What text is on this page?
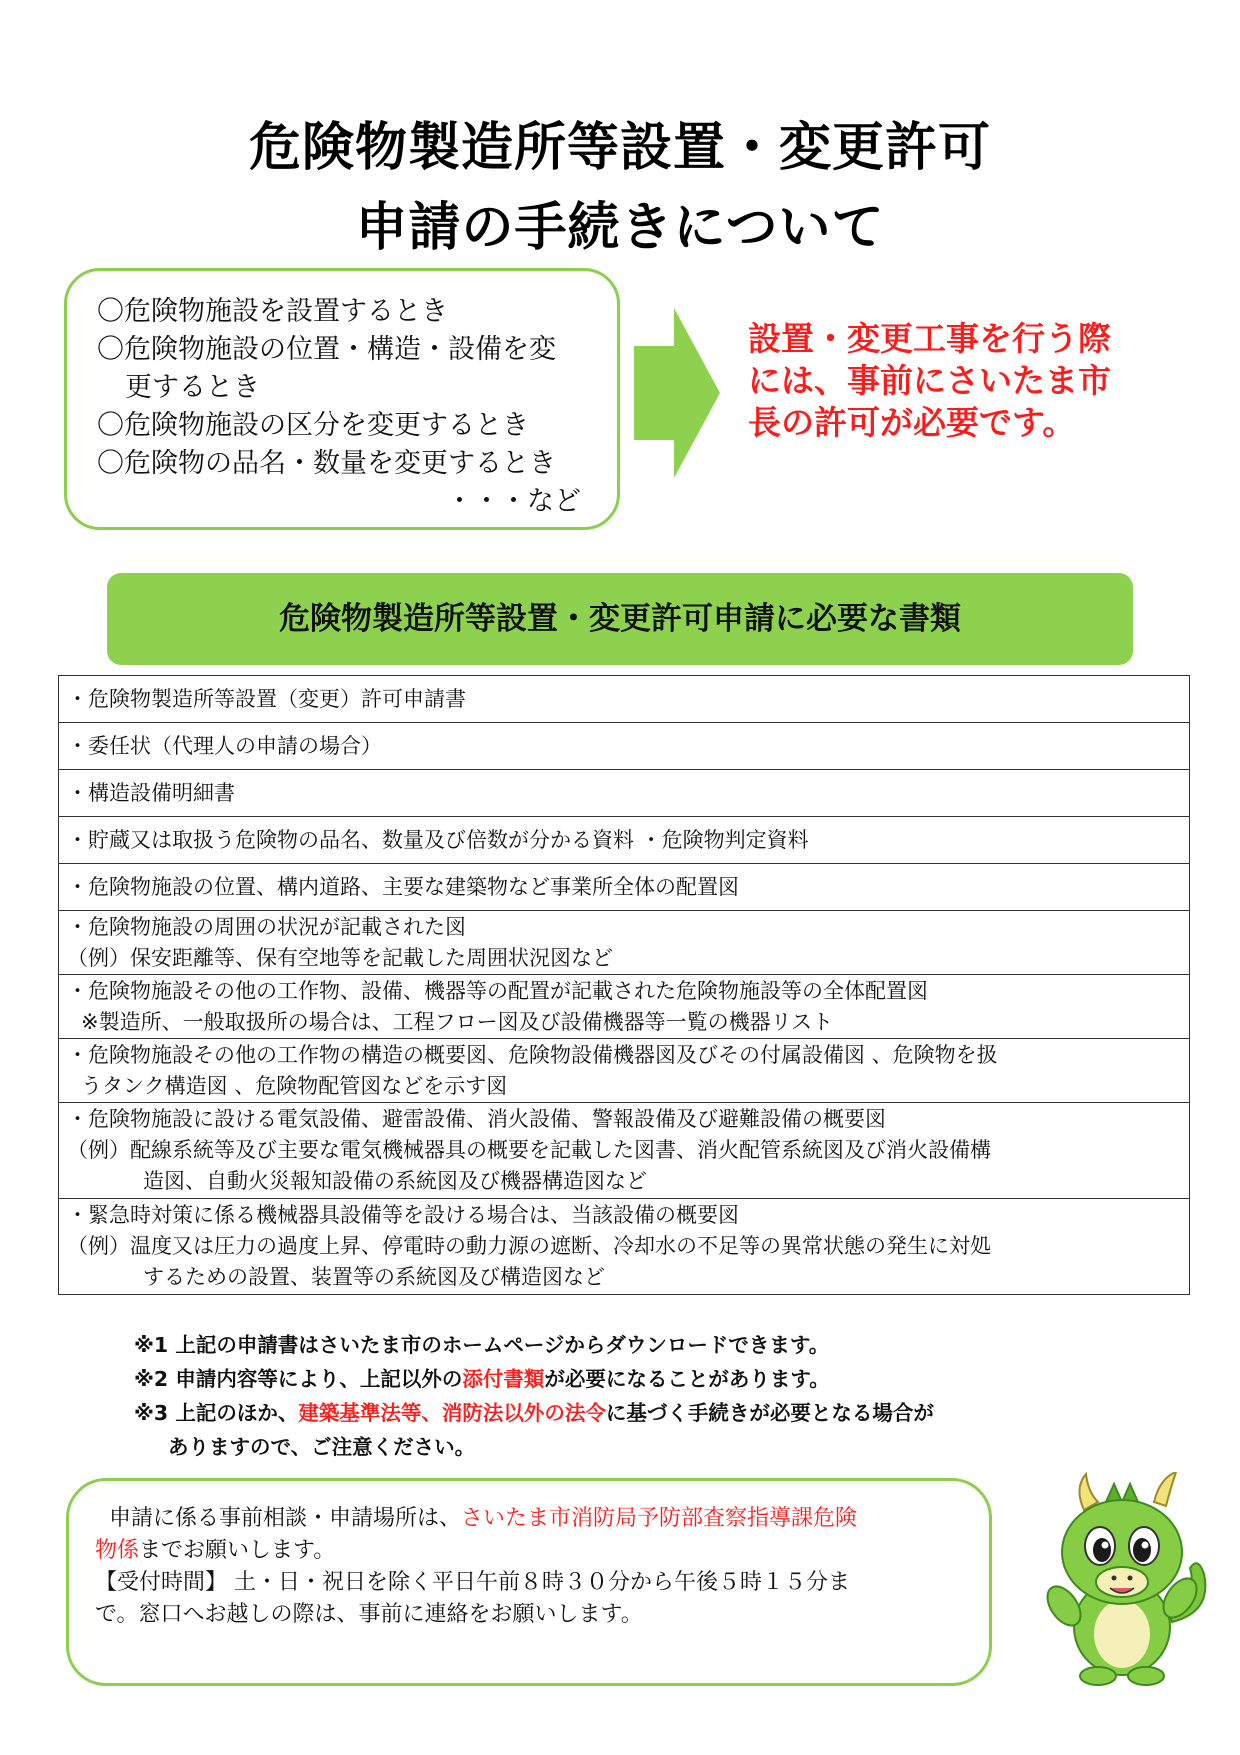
危険物製造所等設置・変更許可
申請の手続きについて
〇危険物施設を設置するとき
〇危険物施設の位置・構造・設備を変
更するとき
〇危険物施設の区分を変更するとき
〇危険物の品名・数量を変更するとき
・・・など
設置・変更工事を行う際
には、事前にさいたま市
長の許可が必要です。
危険物製造所等設置・変更許可申請に必要な書類
・危険物製造所等設置（変更）許可申請書

・委任状（代理人の申請の場合）

・構造設備明細書

・貯蔵又は取扱う危険物の品名、数量及び倍数が分かる資料 ・危険物判定資料

・危険物施設の位置、構内道路、主要な建築物など事業所全体の配置図

・危険物施設の周囲の状況が記載された図
（例）保安距離等、保有空地等を記載した周囲状況図など

・危険物施設その他の工作物、設備、機器等の配置が記載された危険物施設等の全体配置図
※製造所、一般取扱所の場合は、工程フロー図及び設備機器等一覧の機器リスト

・危険物施設その他の工作物の構造の概要図、危険物設備機器図及びその付属設備図 、危険物を扱
うタンク構造図 、危険物配管図などを示す図

・危険物施設に設ける電気設備、避雷設備、消火設備、警報設備及び避難設備の概要図
（例）配線系統等及び主要な電気機械器具の概要を記載した図書、消火配管系統図及び消火設備構
造図、自動火災報知設備の系統図及び機器構造図など

・緊急時対策に係る機械器具設備等を設ける場合は、当該設備の概要図
（例）温度又は圧力の過度上昇、停電時の動力源の遮断、冷却水の不足等の異常状態の発生に対処
するための設置、装置等の系統図及び構造図など
※1 上記の申請書はさいたま市のホームページからダウンロードできます。
※2 申請内容等により、上記以外の添付書類が必要になることがあります。
※3 上記のほか、建築基準法等、消防法以外の法令に基づく手続きが必要となる場合が
ありますので、ご注意ください。
申請に係る事前相談・申請場所は、さいたま市消防局予防部査察指導課危険
物係までお願いします。
【受付時間】 土・日・祝日を除く平日午前８時３０分から午後５時１５分ま
で。窓口へお越しの際は、事前に連絡をお願いします。
